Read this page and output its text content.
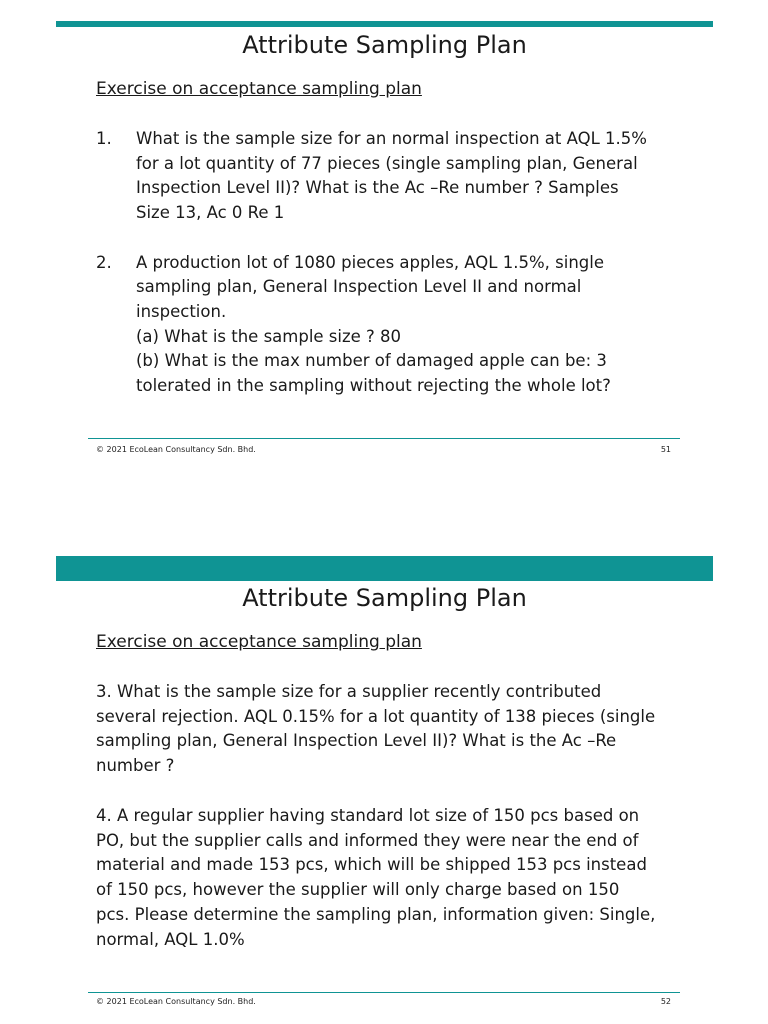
Attribute Sampling Plan
Exercise on acceptance sampling plan
1. What is the sample size for an normal inspection at AQL 1.5%
for a lot quantity of 77 pieces (single sampling plan, General
Inspection Level II)? What is the Ac –Re number ? Samples
Size 13, Ac 0 Re 1
2. A production lot of 1080 pieces apples, AQL 1.5%, single
sampling plan, General Inspection Level II and normal
inspection.
(a) What is the sample size ? 80
(b) What is the max number of damaged apple can be: 3
tolerated in the sampling without rejecting the whole lot?
© 2021 EcoLean Consultancy Sdn. Bhd.	51
Attribute Sampling Plan
Exercise on acceptance sampling plan

3. What is the sample size for a supplier recently contributed
several rejection. AQL 0.15% for a lot quantity of 138 pieces (single
sampling plan, General Inspection Level II)? What is the Ac –Re
number ?

4. A regular supplier having standard lot size of 150 pcs based on
PO, but the supplier calls and informed they were near the end of
material and made 153 pcs, which will be shipped 153 pcs instead
of 150 pcs, however the supplier will only charge based on 150
pcs. Please determine the sampling plan, information given: Single,
normal, AQL 1.0%

© 2021 EcoLean Consultancy Sdn. Bhd.	52
